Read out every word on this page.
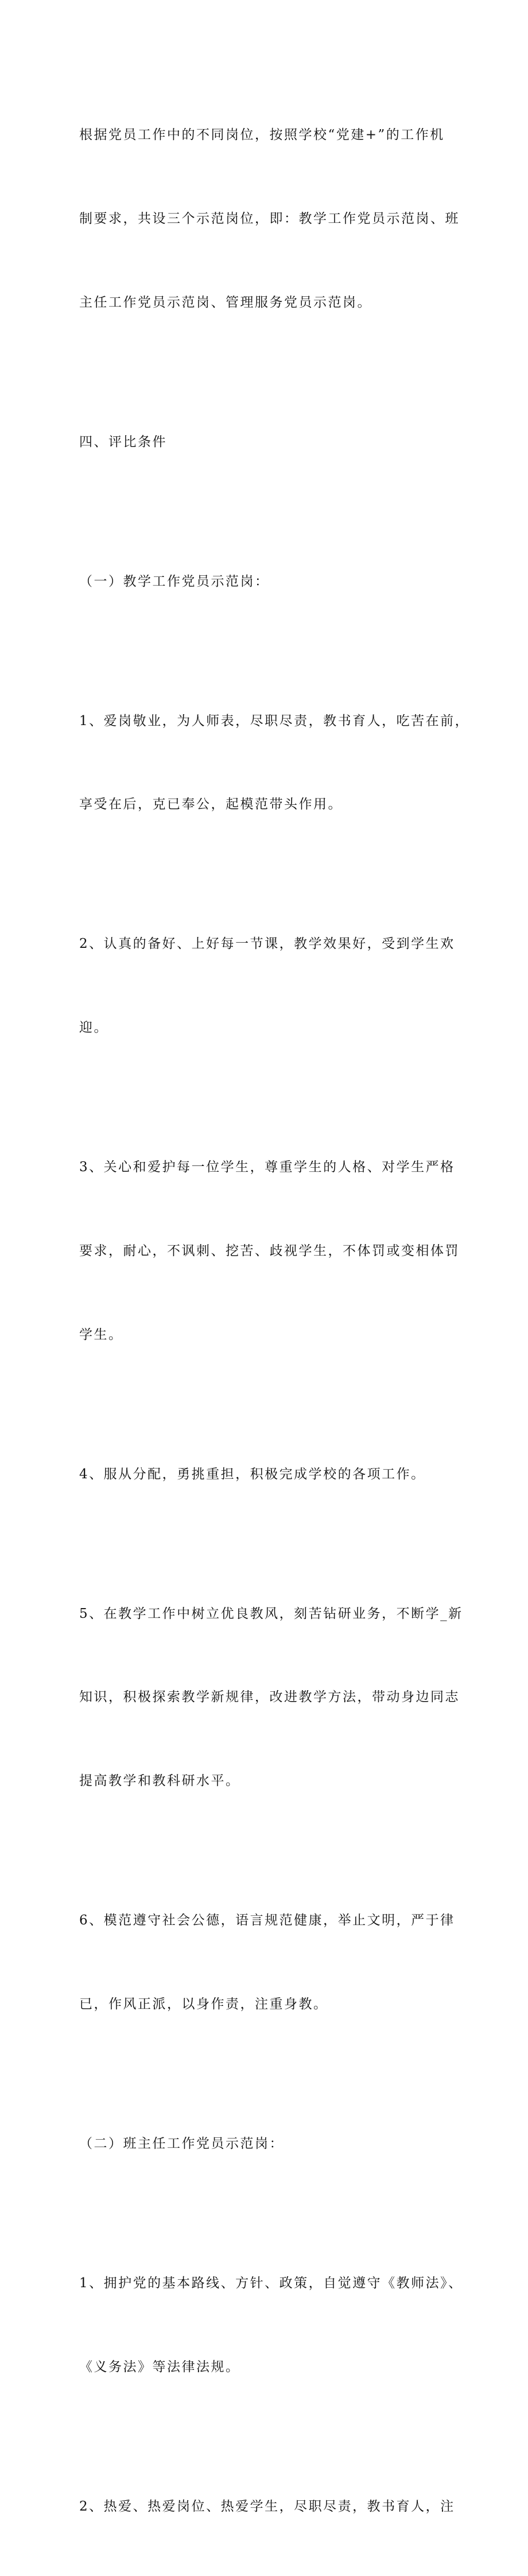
根据党员工作中的不同岗位，按照学校“党建+”的工作机

制要求，共设三个示范岗位，即：教学工作党员示范岗、班

主任工作党员示范岗、管理服务党员示范岗。

四、评比条件

（一）教学工作党员示范岗：

1、爱岗敬业，为人师表，尽职尽责，教书育人，吃苦在前，

享受在后，克已奉公，起模范带头作用。

2、认真的备好、上好每一节课，教学效果好，受到学生欢

迎。

3、关心和爱护每一位学生，尊重学生的人格、对学生严格

要求，耐心，不讽刺、挖苦、歧视学生，不体罚或变相体罚

学生。

4、服从分配，勇挑重担，积极完成学校的各项工作。

5、在教学工作中树立优良教风，刻苦钻研业务，不断学_新

知识，积极探索教学新规律，改进教学方法，带动身边同志

提高教学和教科研水平。

6、模范遵守社会公德，语言规范健康，举止文明，严于律

已，作风正派，以身作责，注重身教。

（二）班主任工作党员示范岗：

1、拥护党的基本路线、方针、政策，自觉遵守《教师法》、

《义务法》等法律法规。

2、热爱、热爱岗位、热爱学生，尽职尽责，教书育人，注
